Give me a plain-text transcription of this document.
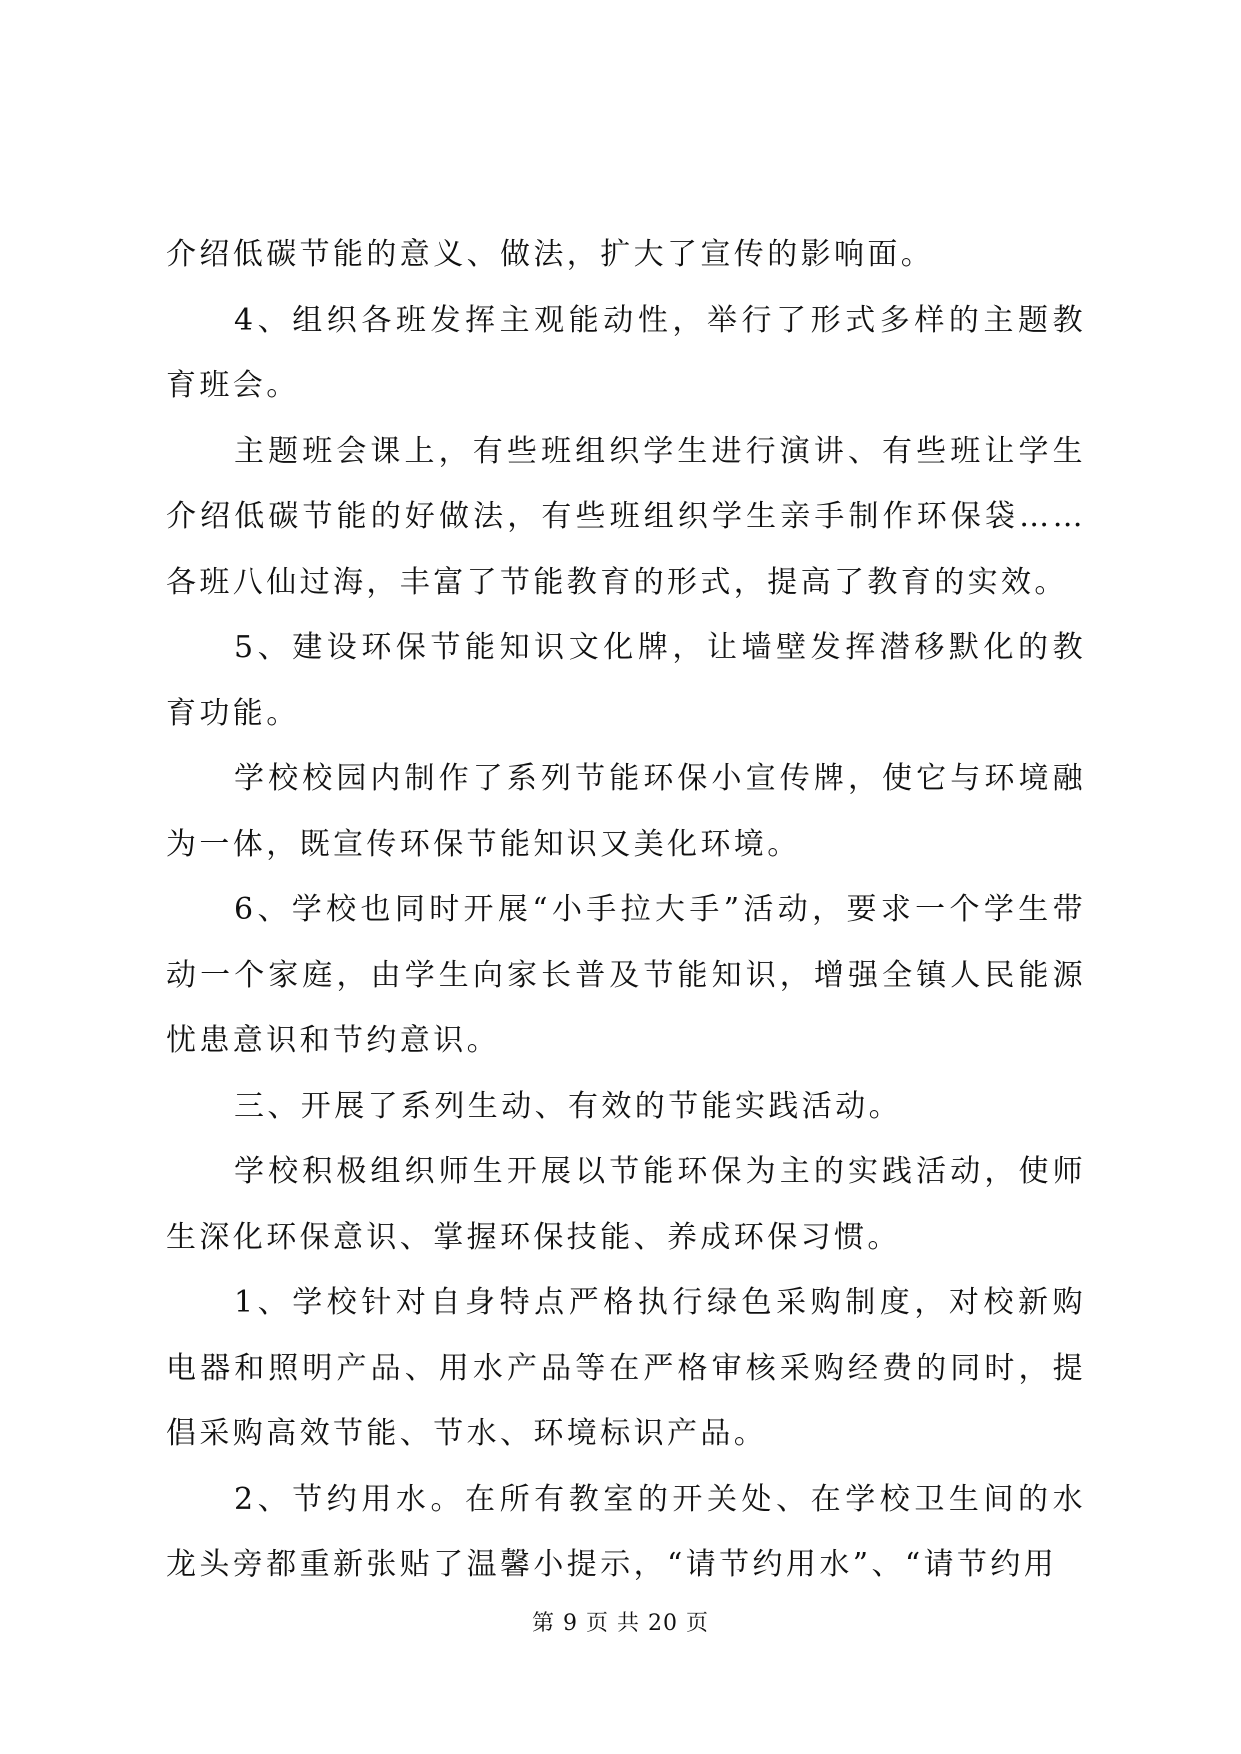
介绍低碳节能的意义、做法，扩大了宣传的影响面。

4、组织各班发挥主观能动性，举行了形式多样的主题教育班会。

主题班会课上，有些班组织学生进行演讲、有些班让学生介绍低碳节能的好做法，有些班组织学生亲手制作环保袋……各班八仙过海，丰富了节能教育的形式，提高了教育的实效。

5、建设环保节能知识文化牌，让墙壁发挥潜移默化的教育功能。

学校校园内制作了系列节能环保小宣传牌，使它与环境融为一体，既宣传环保节能知识又美化环境。

6、学校也同时开展“小手拉大手”活动，要求一个学生带动一个家庭，由学生向家长普及节能知识，增强全镇人民能源忧患意识和节约意识。

三、开展了系列生动、有效的节能实践活动。

学校积极组织师生开展以节能环保为主的实践活动，使师生深化环保意识、掌握环保技能、养成环保习惯。

1、学校针对自身特点严格执行绿色采购制度，对校新购电器和照明产品、用水产品等在严格审核采购经费的同时，提倡采购高效节能、节水、环境标识产品。

2、节约用水。在所有教室的开关处、在学校卫生间的水龙头旁都重新张贴了温馨小提示，“请节约用水”、“请节约用

第 9 页 共 20 页
